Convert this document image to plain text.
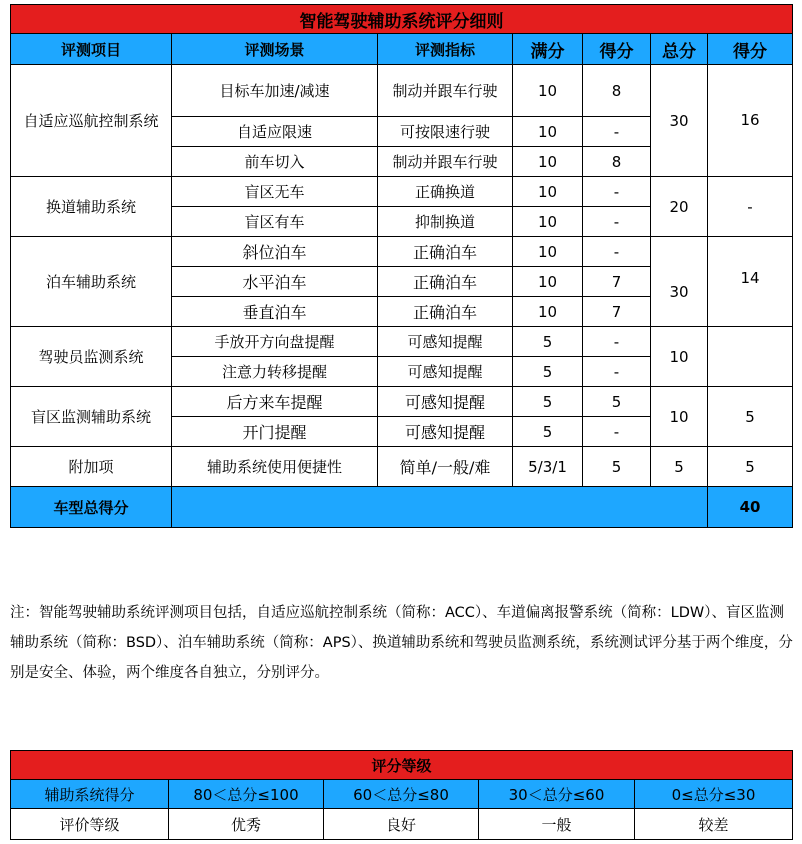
智能驾驶辅助系统评分细则						
评测项目	评测场景	评测指标	满分	得分	总分	得分
自适应巡航控制系统	目标车加速/减速	制动并跟车行驶	10	8	30	16
	自适应限速	可按限速行驶	10	-		
	前车切入	制动并跟车行驶	10	8		
换道辅助系统	盲区无车	正确换道	10	-	20	-
	盲区有车	抑制换道	10	-		
泊车辅助系统	斜位泊车	正确泊车	10	-	30	14
	水平泊车	正确泊车	10	7		
	垂直泊车	正确泊车	10	7		
驾驶员监测系统	手放开方向盘提醒	可感知提醒	5	-	10	
	注意力转移提醒	可感知提醒	5	-		
盲区监测辅助系统	后方来车提醒	可感知提醒	5	5	10	5
	开门提醒	可感知提醒	5	-		
附加项	辅助系统使用便捷性	简单/一般/难	5/3/1	5	5	5
车型总得分						40

注：智能驾驶辅助系统评测项目包括，自适应巡航控制系统（简称：ACC）、车道偏离报警系统（简称：LDW）、盲区监测辅助系统（简称：BSD）、泊车辅助系统（简称：APS）、换道辅助系统和驾驶员监测系统，系统测试评分基于两个维度，分别是安全、体验，两个维度各自独立，分别评分。

评分等级				
辅助系统得分	80＜总分≤100	60＜总分≤80	30＜总分≤60	0≤总分≤30
评价等级	优秀	良好	一般	较差
